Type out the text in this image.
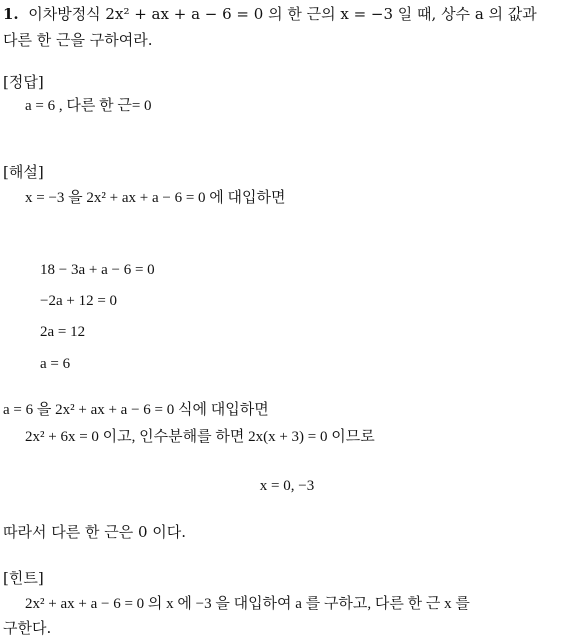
1. 이차방정식 2x² + ax + a − 6 = 0 의 한 근의 x = −3 일 때, 상수 a 의 값과
다른 한 근을 구하여라.
[정답]
a = 6 , 다른 한 근= 0
[해설]
x = −3 을 2x² + ax + a − 6 = 0 에 대입하면
18 − 3a + a − 6 = 0
−2a + 12 = 0
2a = 12
a = 6
a = 6 을 2x² + ax + a − 6 = 0 식에 대입하면
2x² + 6x = 0 이고, 인수분해를 하면 2x(x + 3) = 0 이므로
x = 0, −3
따라서 다른 한 근은 0 이다.
[힌트]
2x² + ax + a − 6 = 0 의 x 에 −3 을 대입하여 a 를 구하고, 다른 한 근 x 를
구한다.
